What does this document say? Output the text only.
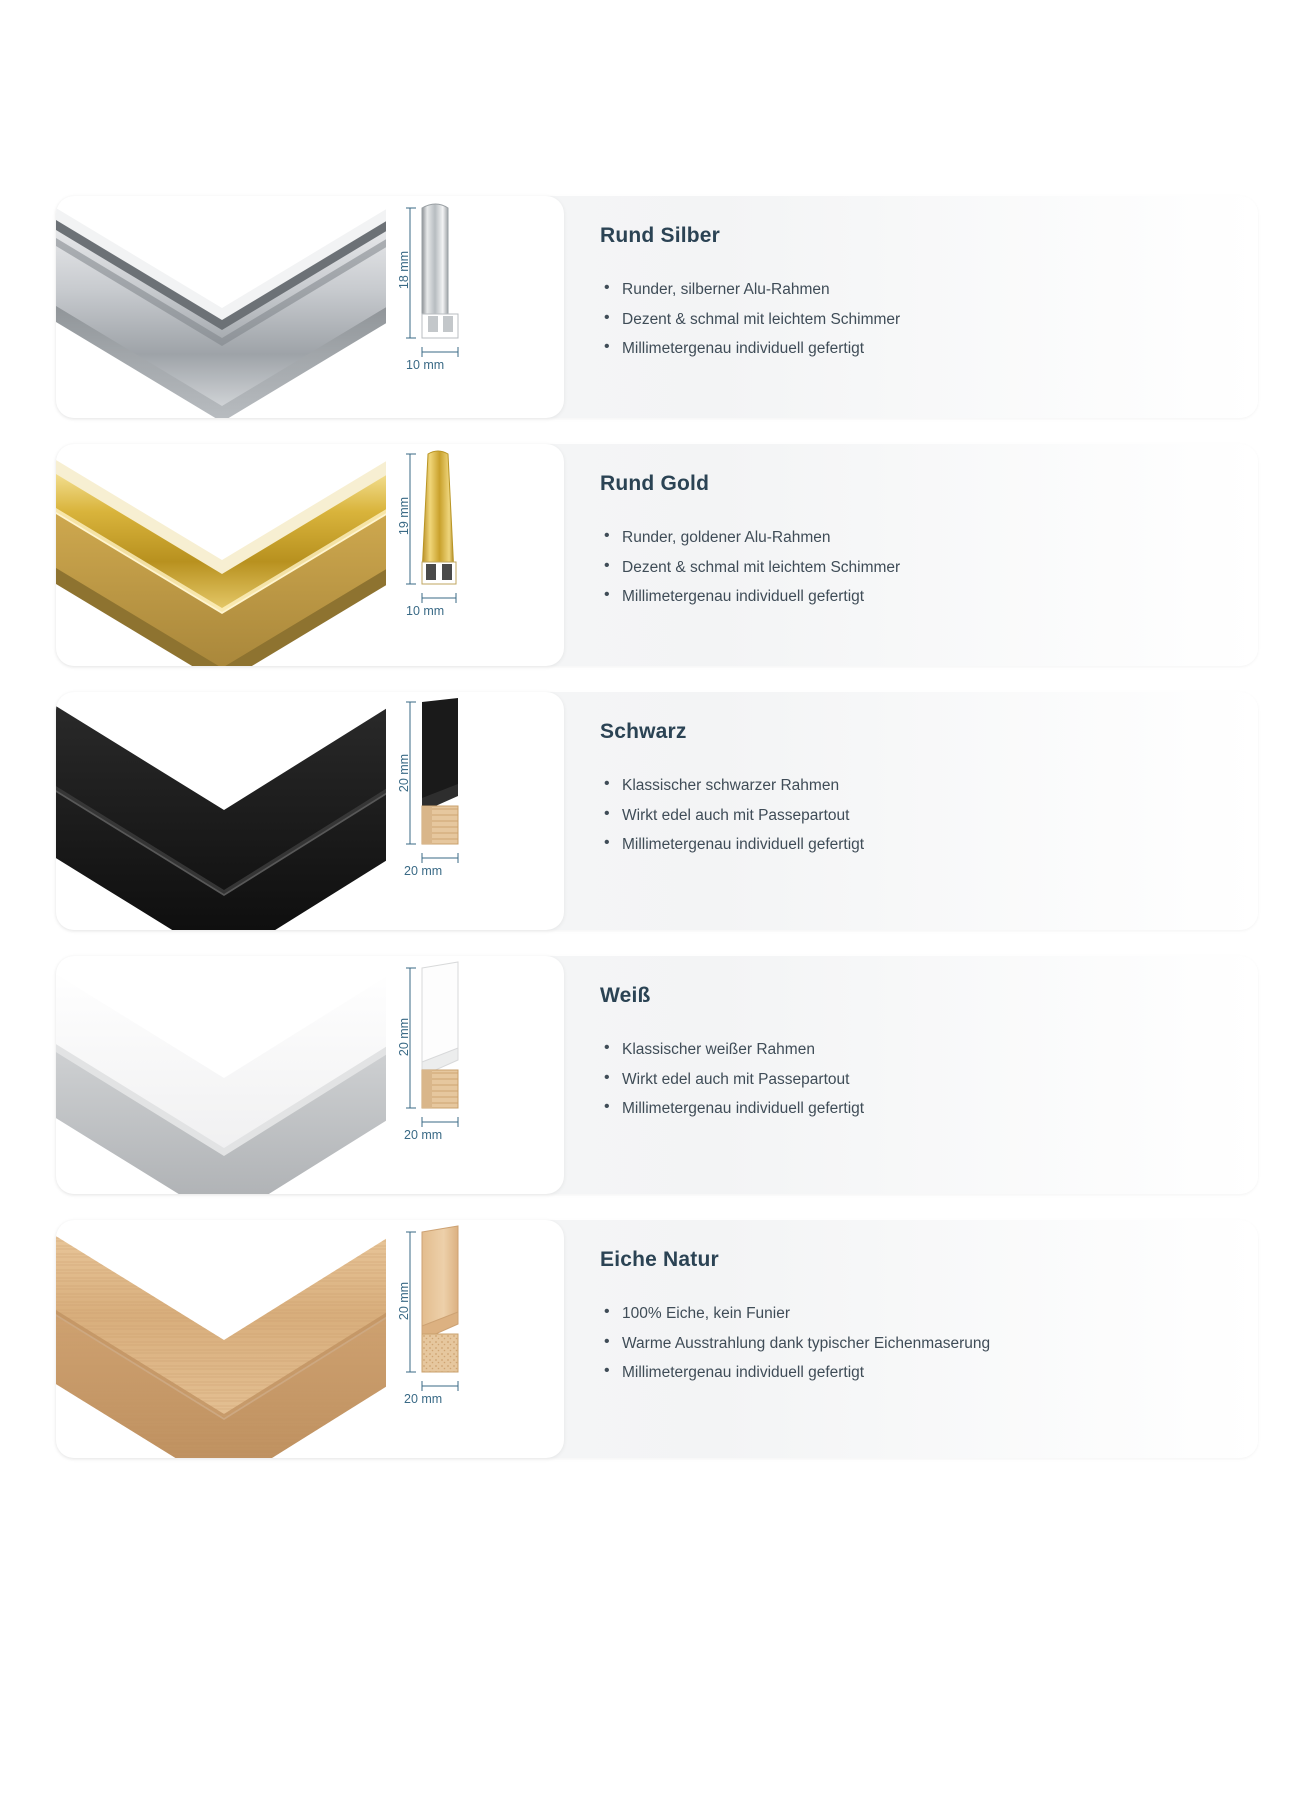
18 mm
10 mm
Rund Silber
• Runder, silberner Alu-Rahmen
• Dezent & schmal mit leichtem Schimmer
• Millimetergenau individuell gefertigt
19 mm
10 mm
Rund Gold
• Runder, goldener Alu-Rahmen
• Dezent & schmal mit leichtem Schimmer
• Millimetergenau individuell gefertigt
20 mm
20 mm
Schwarz
• Klassischer schwarzer Rahmen
• Wirkt edel auch mit Passepartout
• Millimetergenau individuell gefertigt
20 mm
20 mm
Weiß
• Klassischer weißer Rahmen
• Wirkt edel auch mit Passepartout
• Millimetergenau individuell gefertigt
20 mm
20 mm
Eiche Natur
• 100% Eiche, kein Funier
• Warme Ausstrahlung dank typischer Eichenmaserung
• Millimetergenau individuell gefertigt
